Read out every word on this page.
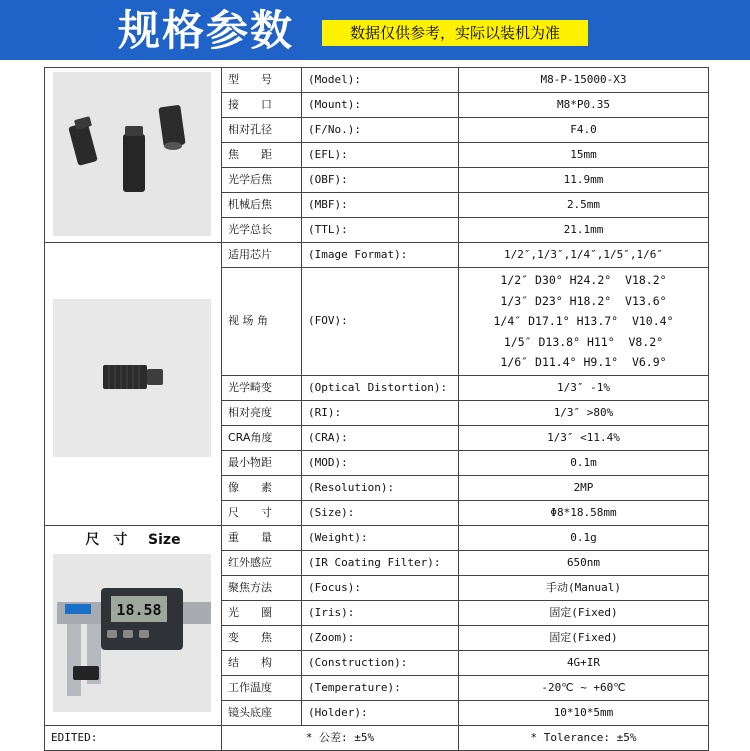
规格参数	数据仅供参考，实际以装机为准
	型　　号	(Model):	M8-P-15000-X3
	接　　口	(Mount):	M8*P0.35
	相对孔径	(F/No.):	F4.0
	焦　　距	(EFL):	15mm
	光学后焦	(OBF):	11.9mm
	机械后焦	(MBF):	2.5mm
	光学总长	(TTL):	21.1mm

	适用芯片	(Image Format):	1/2″,1/3″,1/4″,1/5″,1/6″
	视 场 角	(FOV):	1/2″ D30° H24.2°  V18.2°
1/3″ D23° H18.2°  V13.6°
1/4″ D17.1° H13.7°  V10.4°
1/5″ D13.8° H11°  V8.2°
1/6″ D11.4° H9.1°  V6.9°

	光学畸变	(Optical Distortion):	1/3″ -1%
	相对亮度	(RI):	1/3″ >80%
	CRA角度	(CRA):	1/3″ <11.4%
	最小物距	(MOD):	0.1m
	像　　素	(Resolution):	2MP
	尺　　寸	(Size):	Φ8*18.58mm

尺　寸 Size
18.58	重　　量	(Weight):	0.1g
	红外感应	(IR Coating Filter):	650nm
	聚焦方法	(Focus):	手动(Manual)
	光　　圈	(Iris):	固定(Fixed)
	变　　焦	(Zoom):	固定(Fixed)
	结　　构	(Construction):	4G+IR
	工作温度	(Temperature):	-20℃ ~ +60℃
	镜头底座	(Holder):	10*10*5mm
EDITED:	* 公差: ±5%		* Tolerance: ±5%
